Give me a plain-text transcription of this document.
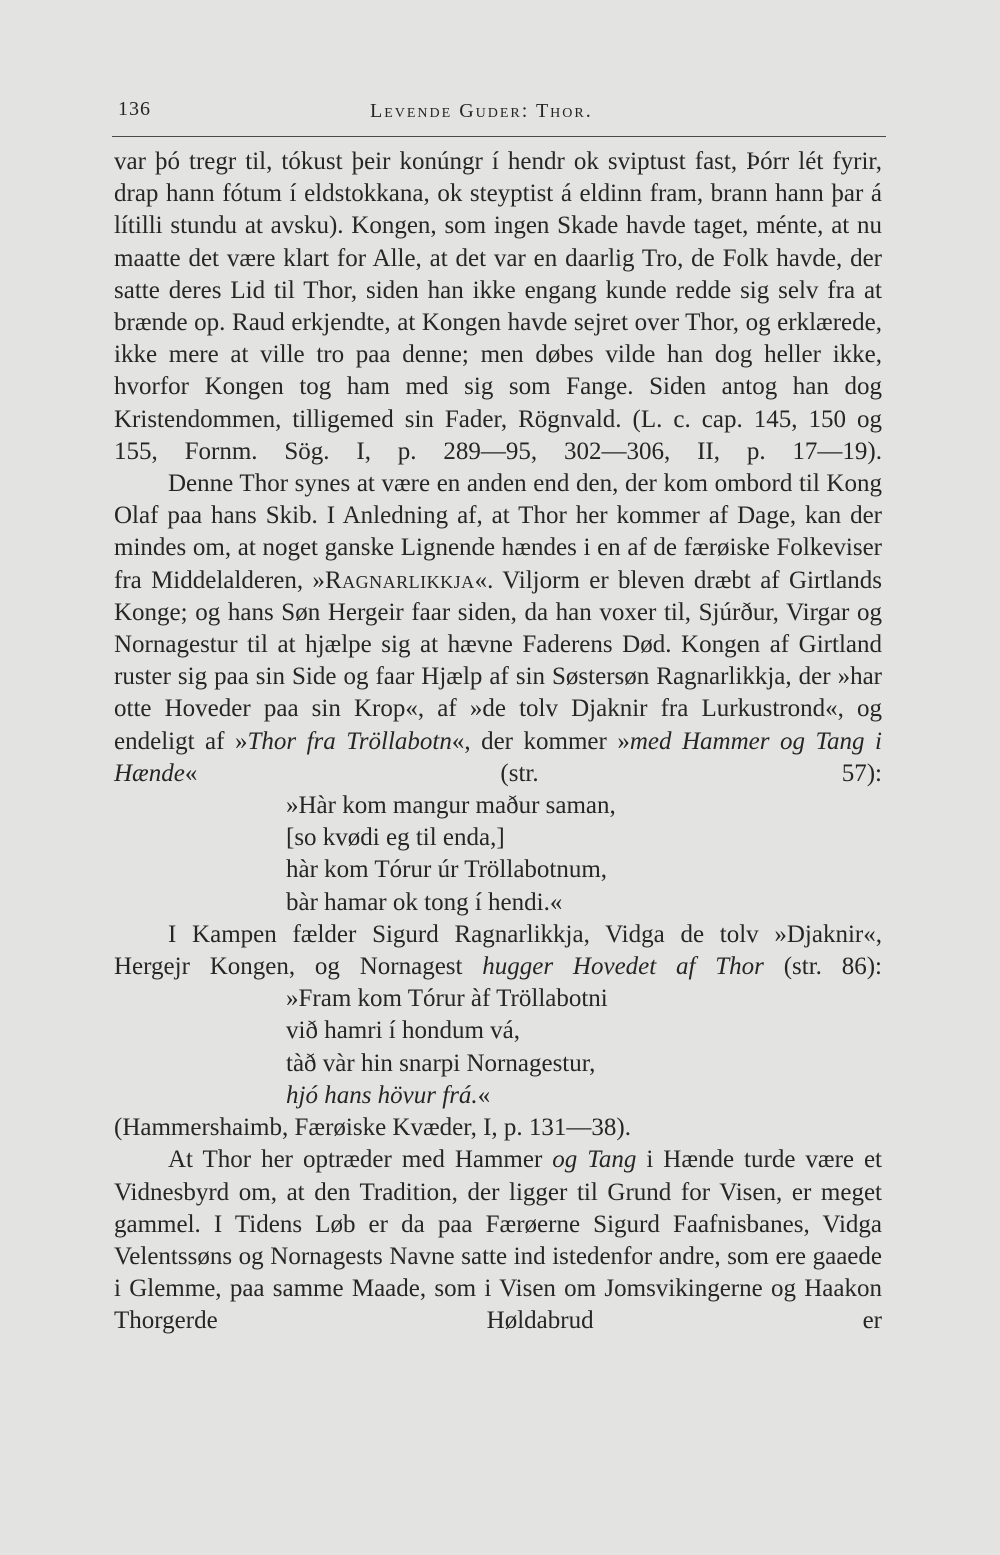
136	Levende Guder: Thor.

var þó tregr til, tókust þeir konúngr í hendr ok sviptust fast, Þórr lét fyrir, drap hann fótum í eldstokkana, ok steyptist á eldinn fram, brann hann þar á lítilli stundu at avsku). Kongen, som ingen Skade havde taget, ménte, at nu maatte det være klart for Alle, at det var en daarlig Tro, de Folk havde, der satte deres Lid til Thor, siden han ikke engang kunde redde sig selv fra at brænde op. Raud erkjendte, at Kongen havde sejret over Thor, og erklærede, ikke mere at ville tro paa denne; men døbes vilde han dog heller ikke, hvorfor Kongen tog ham med sig som Fange. Siden antog han dog Kristendommen, tilligemed sin Fader, Rögnvald. (L. c. cap. 145, 150 og 155, Fornm. Sög. I, p. 289—95, 302—306, II, p. 17—19).

Denne Thor synes at være en anden end den, der kom ombord til Kong Olaf paa hans Skib. I Anledning af, at Thor her kommer af Dage, kan der mindes om, at noget ganske Lignende hændes i en af de færøiske Folkeviser fra Middelalderen, »Ragnarlikkja«. Viljorm er bleven dræbt af Girtlands Konge; og hans Søn Hergeir faar siden, da han voxer til, Sjúrður, Virgar og Nornagestur til at hjælpe sig at hævne Faderens Død. Kongen af Girtland ruster sig paa sin Side og faar Hjælp af sin Søstersøn Ragnarlikkja, der »har otte Hoveder paa sin Krop«, af »de tolv Djaknir fra Lurkustrond«, og endeligt af »Thor fra Tröllabotn«, der kommer »med Hammer og Tang i Hænde« (str. 57):

»Hàr kom mangur maður saman,
[so kvødi eg til enda,]
hàr kom Tórur úr Tröllabotnum,
bàr hamar ok tong í hendi.«

I Kampen fælder Sigurd Ragnarlikkja, Vidga de tolv »Djaknir«, Hergejr Kongen, og Nornagest hugger Hovedet af Thor (str. 86):

»Fram kom Tórur àf Tröllabotni
við hamri í hondum vá,
tàð vàr hin snarpi Nornagestur,
hjó hans hövur frá.«

(Hammershaimb, Færøiske Kvæder, I, p. 131—38).

At Thor her optræder med Hammer og Tang i Hænde turde være et Vidnesbyrd om, at den Tradition, der ligger til Grund for Visen, er meget gammel. I Tidens Løb er da paa Færøerne Sigurd Faafnisbanes, Vidga Velentssøns og Nornagests Navne satte ind istedenfor andre, som ere gaaede i Glemme, paa samme Maade, som i Visen om Jomsvikingerne og Haakon Thorgerde Høldabrud er
